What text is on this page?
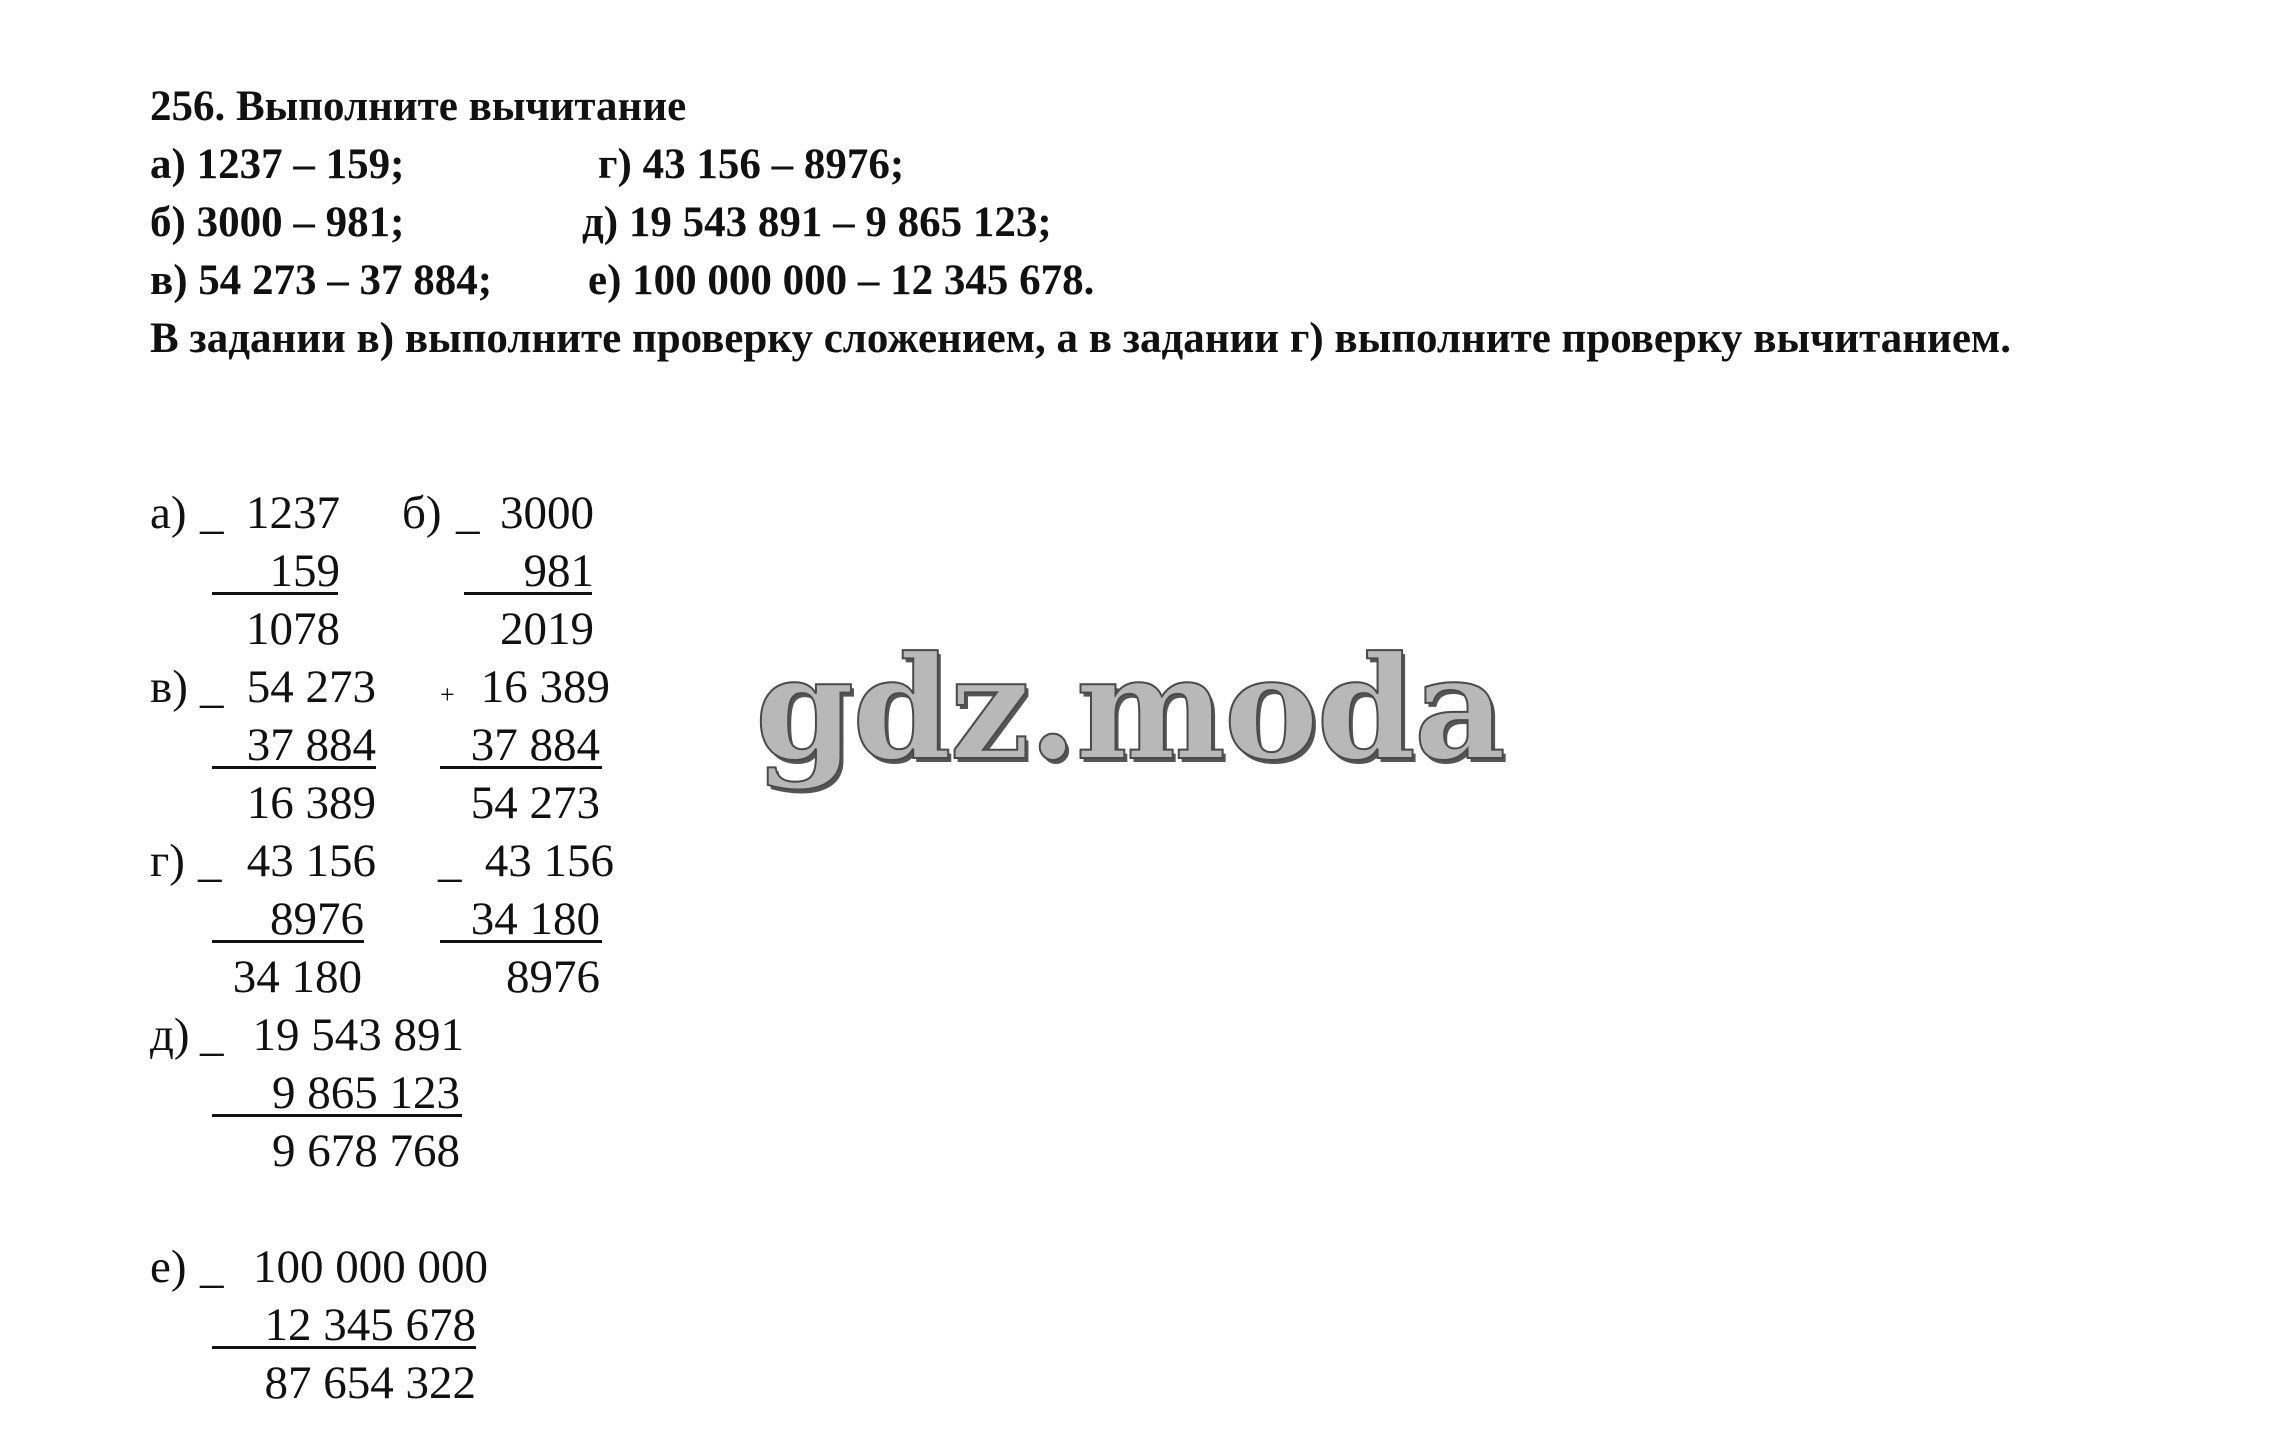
256. Выполните вычитание
а) 1237 – 159;	г) 43 156 – 8976;
б) 3000 – 981;	д) 19 543 891 – 9 865 123;
в) 54 273 – 37 884; е) 100 000 000 – 12 345 678.
В задании в) выполните проверку сложением, а в задании г) выполните проверку вычитанием.
а) _ 1237
159
1078
б) _ 3000
981
2019
в) _ 54 273
37 884
16 389
+ 16 389
37 884
54 273
г) _ 43 156
8976
34 180
_ 43 156
34 180
8976
д) _ 19 543 891
9 865 123
9 678 768
е) _ 100 000 000
12 345 678
87 654 322
gdz.moda
